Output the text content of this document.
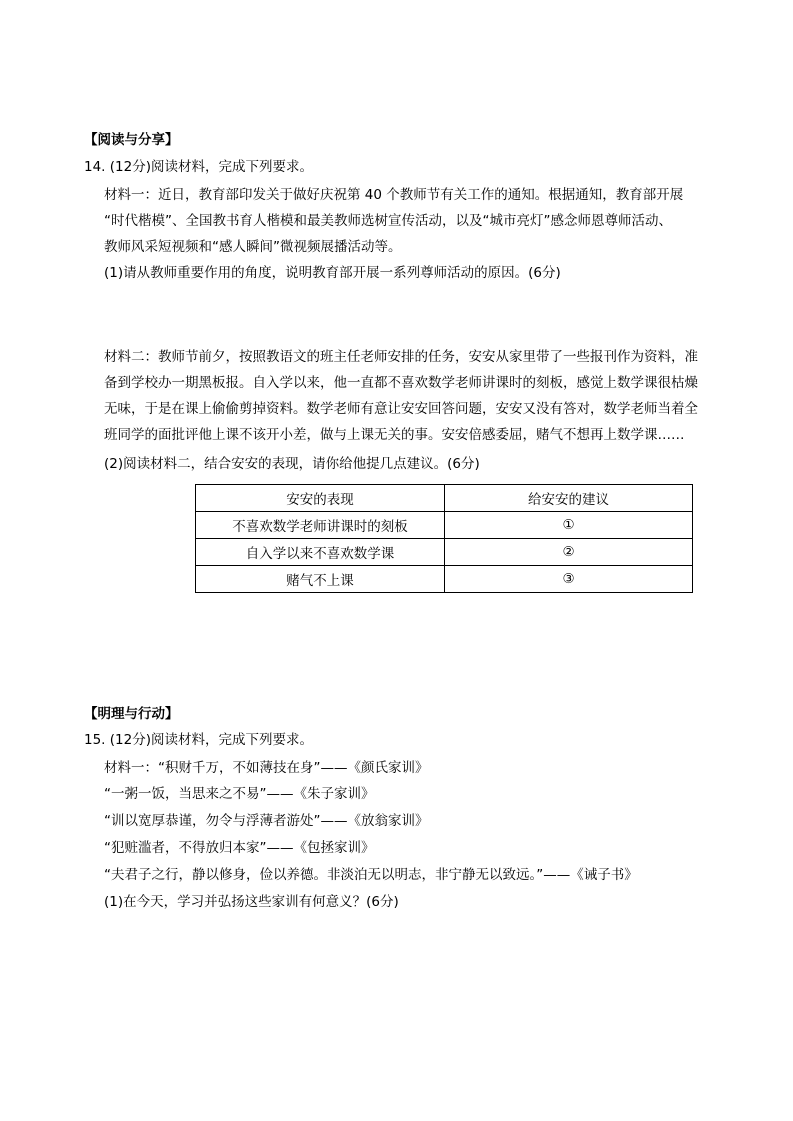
【阅读与分享】
14. (12分)阅读材料，完成下列要求。
材料一：近日，教育部印发关于做好庆祝第 40 个教师节有关工作的通知。根据通知，教育部开展
“时代楷模”、全国教书育人楷模和最美教师选树宣传活动，以及“城市亮灯”感念师恩尊师活动、
教师风采短视频和“感人瞬间”微视频展播活动等。
(1)请从教师重要作用的角度，说明教育部开展一系列尊师活动的原因。(6分)
材料二：教师节前夕，按照教语文的班主任老师安排的任务，安安从家里带了一些报刊作为资料，准
备到学校办一期黑板报。自入学以来，他一直都不喜欢数学老师讲课时的刻板，感觉上数学课很枯燥
无味，于是在课上偷偷剪掉资料。数学老师有意让安安回答问题，安安又没有答对，数学老师当着全
班同学的面批评他上课不该开小差，做与上课无关的事。安安倍感委屈，赌气不想再上数学课……
(2)阅读材料二，结合安安的表现，请你给他提几点建议。(6分)
安安的表现	给安安的建议
不喜欢数学老师讲课时的刻板	①
自入学以来不喜欢数学课	②
赌气不上课	③
【明理与行动】
15. (12分)阅读材料，完成下列要求。
材料一：“积财千万，不如薄技在身”——《颜氏家训》
“一粥一饭，当思来之不易”——《朱子家训》
“训以宽厚恭谨，勿令与浮薄者游处”——《放翁家训》
“犯赃滥者，不得放归本家”——《包拯家训》
“夫君子之行，静以修身，俭以养德。非淡泊无以明志，非宁静无以致远。”——《诫子书》
(1)在今天，学习并弘扬这些家训有何意义？(6分)
